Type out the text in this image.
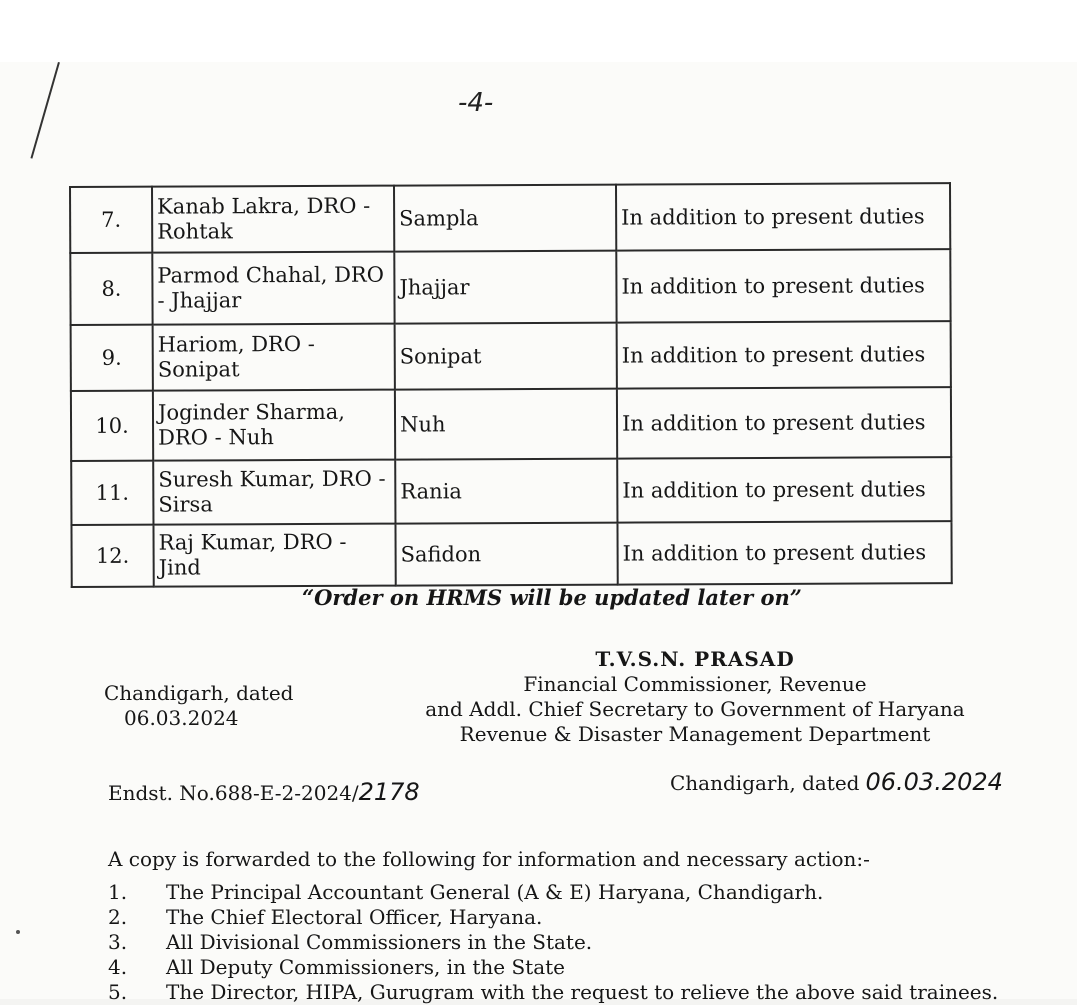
-4-
7.	Kanab Lakra, DRO - Rohtak	Sampla	In addition to present duties
8.	Parmod Chahal, DRO - Jhajjar	Jhajjar	In addition to present duties
9.	Hariom, DRO - Sonipat	Sonipat	In addition to present duties
10.	Joginder Sharma, DRO - Nuh	Nuh	In addition to present duties
11.	Suresh Kumar, DRO - Sirsa	Rania	In addition to present duties
12.	Raj Kumar, DRO - Jind	Safidon	In addition to present duties
“Order on HRMS will be updated later on”
T.V.S.N. PRASAD
Financial Commissioner, Revenue
and Addl. Chief Secretary to Government of Haryana
Revenue & Disaster Management Department
Chandigarh, dated
06.03.2024
Endst. No.688-E-2-2024/2178	Chandigarh, dated 06.03.2024
A copy is forwarded to the following for information and necessary action:-
1.	The Principal Accountant General (A & E) Haryana, Chandigarh.
2.	The Chief Electoral Officer, Haryana.
3.	All Divisional Commissioners in the State.
4.	All Deputy Commissioners, in the State
5.	The Director, HIPA, Gurugram with the request to relieve the above said trainees.
